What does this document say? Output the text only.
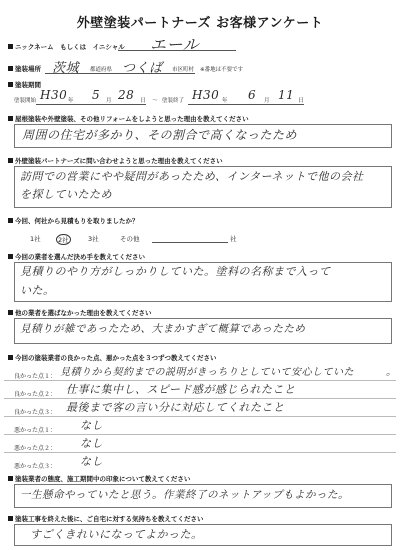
外壁塗装パートナーズ お客様アンケート
ニックネーム　もしくは　イニシャル エール
塗装場所 茨城 都道府県 つくば 市区町村 ※番地は不要です
塗装期間
塗装開始 H30 年 5 月 28 日 〜 塗装終了 H30 年 6 月 11 日
屋根塗装や外壁塗装、その他リフォームをしようと思った理由を教えてください
周囲の住宅が多かり、その割合で高くなったため
外壁塗装パートナーズに問い合わせようと思った理由を教えてください
訪問での営業にやや疑問があったため、インターネットで他の会社
を探していたため
今回、何社から見積もりを取りましたか？
1社	2社	3社	その他	社
今回の業者を選んだ決め手を教えてください
見積りのやり方がしっかりしていた。塗料の名称まで入って
いた。
他の業者を選ばなかった理由を教えてください
見積りが雑であったため、大まかすぎて概算であったため
今回の塗装業者の良かった点、悪かった点を３つずつ教えてください
良かった点１： 見積りから契約までの説明がきっちりとしていて安心していた	。
良かった点２： 仕事に集中し、スピード感が感じられたこと
良かった点３： 最後まで客の言い分に対応してくれたこと
悪かった点１： なし
悪かった点２： なし
悪かった点３： なし
塗装業者の態度、施工期間中の印象について教えてください
一生懸命やっていたと思う。作業終了のネットアップもよかった。
塗装工事を終えた後に、ご自宅に対する気持ちを教えてください
すごくきれいになってよかった。
